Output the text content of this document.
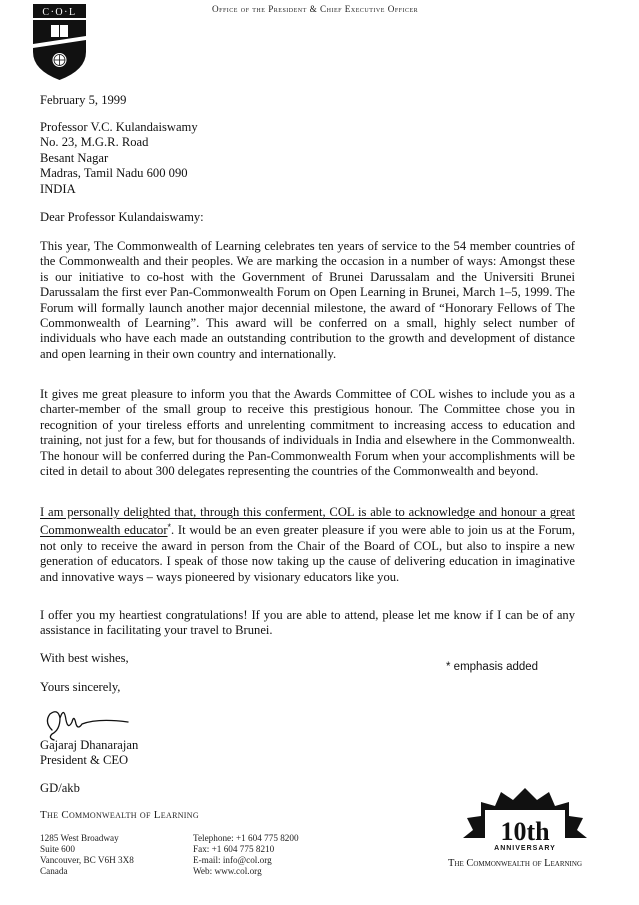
C·O·L	Office of the President & Chief Executive Officer
February 5, 1999
Professor V.C. Kulandaiswamy
No. 23, M.G.R. Road
Besant Nagar
Madras, Tamil Nadu 600 090
INDIA
Dear Professor Kulandaiswamy:

This year, The Commonwealth of Learning celebrates ten years of service to the 54 member countries of the Commonwealth and their peoples. We are marking the occasion in a number of ways: Amongst these is our initiative to co-host with the Government of Brunei Darussalam and the Universiti Brunei Darussalam the first ever Pan-Commonwealth Forum on Open Learning in Brunei, March 1–5, 1999. The Forum will formally launch another major decennial milestone, the award of “Honorary Fellows of The Commonwealth of Learning”. This award will be conferred on a small, highly select number of individuals who have each made an outstanding contribution to the growth and development of distance and open learning in their own country and internationally.

It gives me great pleasure to inform you that the Awards Committee of COL wishes to include you as a charter-member of the small group to receive this prestigious honour. The Committee chose you in recognition of your tireless efforts and unrelenting commitment to increasing access to education and training, not just for a few, but for thousands of individuals in India and elsewhere in the Commonwealth. The honour will be conferred during the Pan-Commonwealth Forum when your accomplishments will be cited in detail to about 300 delegates representing the countries of the Commonwealth and beyond.

I am personally delighted that, through this conferment, COL is able to acknowledge and honour a great Commonwealth educator*. It would be an even greater pleasure if you were able to join us at the Forum, not only to receive the award in person from the Chair of the Board of COL, but also to inspire a new generation of educators. I speak of those now taking up the cause of delivering education in imaginative and innovative ways – ways pioneered by visionary educators like you.

I offer you my heartiest congratulations! If you are able to attend, please let me know if I can be of any assistance in facilitating your travel to Brunei.

With best wishes,
* emphasis added
Yours sincerely,
Gajaraj Dhanarajan
President & CEO
GD/akb
The Commonwealth of Learning
1285 West Broadway
Suite 600
Vancouver, BC V6H 3X8
Canada
Telephone: +1 604 775 8200
Fax: +1 604 775 8210
E-mail: info@col.org
Web: www.col.org
10th
ANNIVERSARY
The Commonwealth of Learning
